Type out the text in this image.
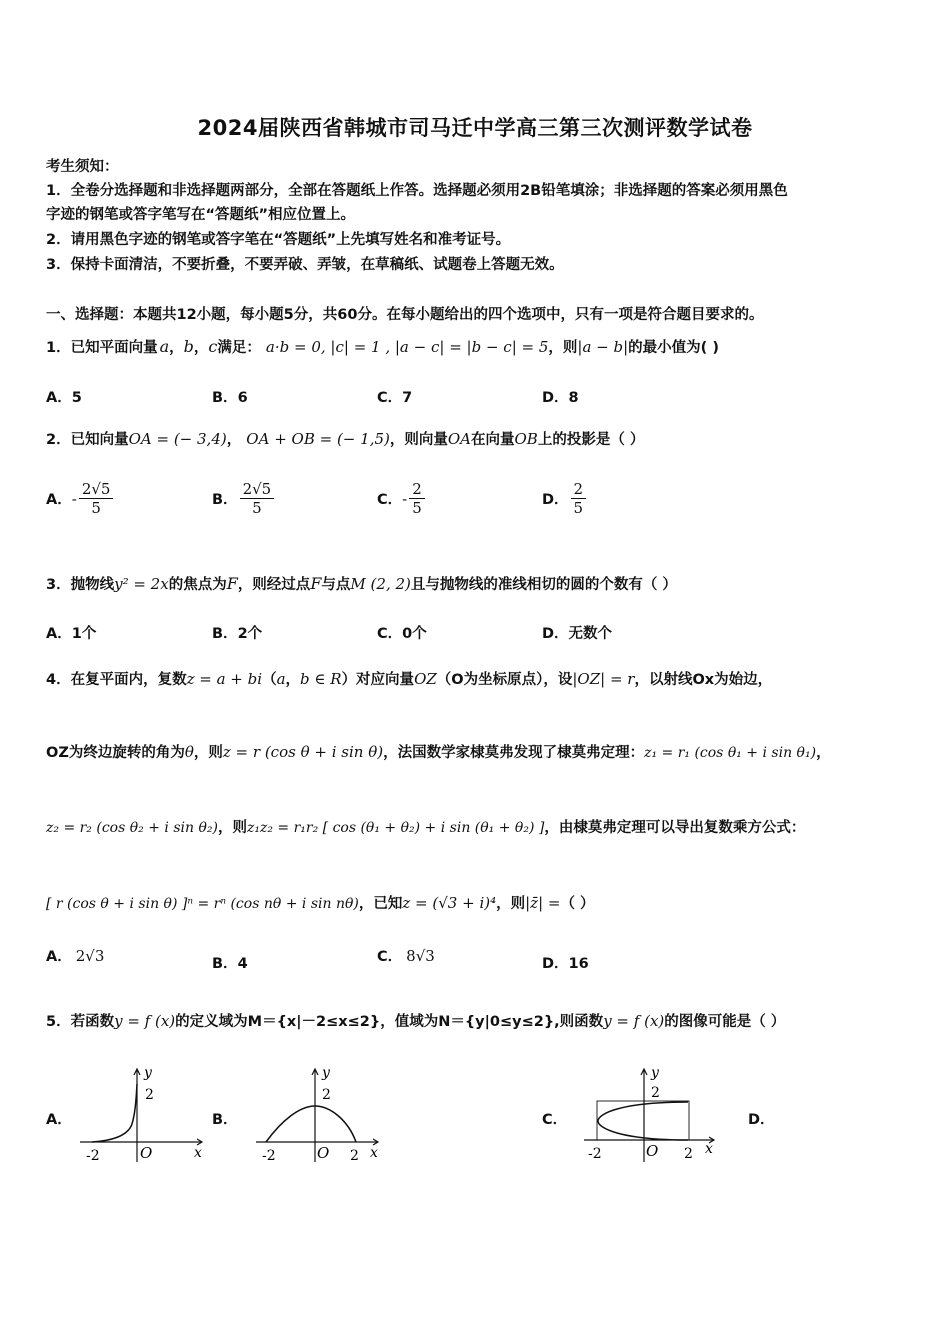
2024届陕西省韩城市司马迁中学高三第三次测评数学试卷
考生须知：
1．全卷分选择题和非选择题两部分，全部在答题纸上作答。选择题必须用2B铅笔填涂；非选择题的答案必须用黑色
字迹的钢笔或答字笔写在“答题纸”相应位置上。
2．请用黑色字迹的钢笔或答字笔在“答题纸”上先填写姓名和准考证号。
3．保持卡面清洁，不要折叠，不要弄破、弄皱，在草稿纸、试题卷上答题无效。
一、选择题：本题共12小题，每小题5分，共60分。在每小题给出的四个选项中，只有一项是符合题目要求的。
1．已知平面向量 a，b，c满足： a·b = 0, |c| = 1 , |a − c| = |b − c| = 5，则|a − b|的最小值为( )
A．5	B．6	C．7	D．8
2．已知向量OA = (− 3,4)， OA + OB = (− 1,5)，则向量OA在向量OB上的投影是（ ）
A．- $\frac{2√5}{5}$	B． $\frac{2√5}{5}$	C．- $\frac{2}{5}$	D． $\frac{2}{5}$
3．抛物线y² = 2x的焦点为F，则经过点F与点M (2, 2)且与抛物线的准线相切的圆的个数有（ ）
A．1个	B．2个	C．0个	D．无数个
4．在复平面内，复数z = a + bi（a，b ∈ R）对应向量OZ（O为坐标原点），设|OZ| = r，以射线Ox为始边，
OZ为终边旋转的角为θ，则z = r (cos θ + i sin θ)，法国数学家棣莫弗发现了棣莫弗定理：z₁ = r₁ (cos θ₁ + i sin θ₁)，
z₂ = r₂ (cos θ₂ + i sin θ₂)，则z₁z₂ = r₁r₂ [ cos (θ₁ + θ₂) + i sin (θ₁ + θ₂) ]，由棣莫弗定理可以导出复数乘方公式：
[ r (cos θ + i sin θ) ]ⁿ = rⁿ (cos nθ + i sin nθ)，已知z = (√3 + i)⁴，则|z̄| =（ ）
A． 2√3	B．4	C． 8√3	D．16
5．若函数y = f (x)的定义域为M＝{x|－2≤x≤2}，值域为N＝{y|0≤y≤2},则函数y = f (x)的图像可能是（ ）
A．	B．	C．	D．
y
2
x
O
-2
y
2
x
O
-2	2
y
2
x
O
-2	2
